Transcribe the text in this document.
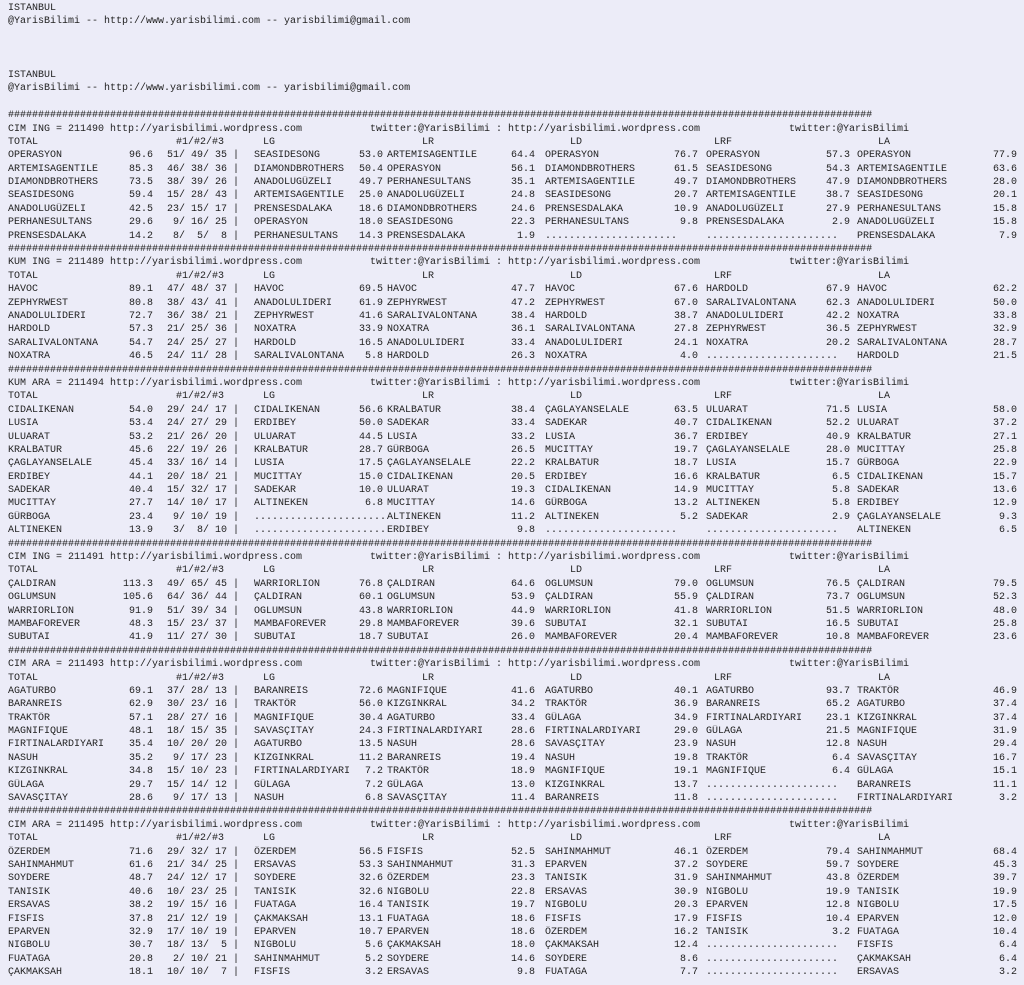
ISTANBUL
@YarisBilimi -- http://www.yarisbilimi.com -- yarisbilimi@gmail.com
ISTANBUL
@YarisBilimi -- http://www.yarisbilimi.com -- yarisbilimi@gmail.com
################################################################################################################################################
CIM ING = 211490 http://yarisbilimi.wordpress.com	twitter:@YarisBilimi : http://yarisbilimi.wordpress.com	twitter:@YarisBilimi
TOTAL	#1/#2/#3	LG	LR	LD	LRF	LA
OPERASYON	96.6 51/ 49/ 35 | SEASIDESONG	53.0 ARTEMISAGENTILE	64.4 OPERASYON	76.7 OPERASYON	57.3 OPERASYON	77.9
ARTEMISAGENTILE	85.3 46/ 38/ 36 | DIAMONDBROTHERS 50.4 OPERASYON	56.1 DIAMONDBROTHERS	61.5 SEASIDESONG	54.3 ARTEMISAGENTILE	63.6
DIAMONDBROTHERS	73.5 38/ 39/ 26 | ANADOLUGÜZELI	49.7 PERHANESULTANS	35.1 ARTEMISAGENTILE	49.7 DIAMONDBROTHERS	47.9 DIAMONDBROTHERS	28.0
SEASIDESONG	59.4 15/ 28/ 43 | ARTEMISAGENTILE 25.0 ANADOLUGÜZELI	24.8 SEASIDESONG	20.7 ARTEMISAGENTILE	38.7 SEASIDESONG	20.1
ANADOLUGÜZELI	42.5 23/ 15/ 17 | PRENSESDALAKA	18.6 DIAMONDBROTHERS	24.6 PRENSESDALAKA	10.9 ANADOLUGÜZELI	27.9 PERHANESULTANS	15.8
PERHANESULTANS	29.6 9/ 16/ 25 | OPERASYON	18.0 SEASIDESONG	22.3 PERHANESULTANS	9.8 PRENSESDALAKA	2.9 ANADOLUGÜZELI	15.8
PRENSESDALAKA	14.2 8/  5/  8 | PERHANESULTANS 14.3 PRENSESDALAKA	1.9 ......................	...................... PRENSESDALAKA	7.9
################################################################################################################################################
KUM ING = 211489 http://yarisbilimi.wordpress.com	twitter:@YarisBilimi : http://yarisbilimi.wordpress.com	twitter:@YarisBilimi
TOTAL	#1/#2/#3	LG	LR	LD	LRF	LA
HAVOC	89.1 47/ 48/ 37 | HAVOC	69.5 HAVOC	47.7 HAVOC	67.6 HARDOLD	67.9 HAVOC	62.2
ZEPHYRWEST	80.8 38/ 43/ 41 | ANADOLULIDERI	61.9 ZEPHYRWEST	47.2 ZEPHYRWEST	67.0 SARALIVALONTANA	62.3 ANADOLULIDERI	50.0
ANADOLULIDERI	72.7 36/ 38/ 21 | ZEPHYRWEST	41.6 SARALIVALONTANA	38.4 HARDOLD	38.7 ANADOLULIDERI	42.2 NOXATRA	33.8
HARDOLD	57.3 21/ 25/ 36 | NOXATRA	33.9 NOXATRA	36.1 SARALIVALONTANA	27.8 ZEPHYRWEST	36.5 ZEPHYRWEST	32.9
SARALIVALONTANA	54.7 24/ 25/ 27 | HARDOLD	16.5 ANADOLULIDERI	33.4 ANADOLULIDERI	24.1 NOXATRA	20.2 SARALIVALONTANA	28.7
NOXATRA	46.5 24/ 11/ 28 | SARALIVALONTANA 5.8 HARDOLD	26.3 NOXATRA	4.0 ...................... HARDOLD	21.5
################################################################################################################################################
KUM ARA = 211494 http://yarisbilimi.wordpress.com	twitter:@YarisBilimi : http://yarisbilimi.wordpress.com	twitter:@YarisBilimi
TOTAL	#1/#2/#3	LG	LR	LD	LRF	LA
CIDALIKENAN	54.0 29/ 24/ 17 | CIDALIKENAN	56.6 KRALBATUR	38.4 ÇAGLAYANSELALE	63.5 ULUARAT	71.5 LUSIA	58.0
LUSIA	53.4 24/ 27/ 29 | ERDIBEY	50.0 SADEKAR	33.4 SADEKAR	40.7 CIDALIKENAN	52.2 ULUARAT	37.2
ULUARAT	53.2 21/ 26/ 20 | ULUARAT	44.5 LUSIA	33.2 LUSIA	36.7 ERDIBEY	40.9 KRALBATUR	27.1
KRALBATUR	45.6 22/ 19/ 26 | KRALBATUR	28.7 GÜRBOGA	26.5 MUCITTAY	19.7 ÇAGLAYANSELALE	28.0 MUCITTAY	25.8
ÇAGLAYANSELALE	45.4 33/ 16/ 14 | LUSIA	17.5 ÇAGLAYANSELALE	22.2 KRALBATUR	18.7 LUSIA	15.7 GÜRBOGA	22.9
ERDIBEY	44.1 20/ 18/ 21 | MUCITTAY	15.0 CIDALIKENAN	20.5 ERDIBEY	16.6 KRALBATUR	6.5 CIDALIKENAN	15.7
SADEKAR	40.4 15/ 32/ 17 | SADEKAR	10.0 ULUARAT	19.3 CIDALIKENAN	14.9 MUCITTAY	5.8 SADEKAR	13.6
MUCITTAY	27.7 14/ 10/ 17 | ALTINEKEN	6.8 MUCITTAY	14.6 GÜRBOGA	13.2 ALTINEKEN	5.8 ERDIBEY	12.9
GÜRBOGA	23.4 9/ 10/ 19 | ...................... ALTINEKEN	11.2 ALTINEKEN	5.2 SADEKAR	2.9 ÇAGLAYANSELALE	9.3
ALTINEKEN	13.9 3/  8/ 10 | ...................... ERDIBEY	9.8 ......................	...................... ALTINEKEN	6.5
################################################################################################################################################
CIM ING = 211491 http://yarisbilimi.wordpress.com	twitter:@YarisBilimi : http://yarisbilimi.wordpress.com	twitter:@YarisBilimi
TOTAL	#1/#2/#3	LG	LR	LD	LRF	LA
ÇALDIRAN	113.3 49/ 65/ 45 | WARRIORLION	76.8 ÇALDIRAN	64.6 OGLUMSUN	79.0 OGLUMSUN	76.5 ÇALDIRAN	79.5
OGLUMSUN	105.6 64/ 36/ 44 | ÇALDIRAN	60.1 OGLUMSUN	53.9 ÇALDIRAN	55.9 ÇALDIRAN	73.7 OGLUMSUN	52.3
WARRIORLION	91.9 51/ 39/ 34 | OGLUMSUN	43.8 WARRIORLION	44.9 WARRIORLION	41.8 WARRIORLION	51.5 WARRIORLION	48.0
MAMBAFOREVER	48.3 15/ 23/ 37 | MAMBAFOREVER	29.8 MAMBAFOREVER	39.6 SUBUTAI	32.1 SUBUTAI	16.5 SUBUTAI	25.8
SUBUTAI	41.9 11/ 27/ 30 | SUBUTAI	18.7 SUBUTAI	26.0 MAMBAFOREVER	20.4 MAMBAFOREVER	10.8 MAMBAFOREVER	23.6
################################################################################################################################################
CIM ARA = 211493 http://yarisbilimi.wordpress.com	twitter:@YarisBilimi : http://yarisbilimi.wordpress.com	twitter:@YarisBilimi
TOTAL	#1/#2/#3	LG	LR	LD	LRF	LA
AGATURBO	69.1 37/ 28/ 13 | BARANREIS	72.6 MAGNIFIQUE	41.6 AGATURBO	40.1 AGATURBO	93.7 TRAKTÖR	46.9
BARANREIS	62.9 30/ 23/ 16 | TRAKTÖR	56.0 KIZGINKRAL	34.2 TRAKTÖR	36.9 BARANREIS	65.2 AGATURBO	37.4
TRAKTÖR	57.1 28/ 27/ 16 | MAGNIFIQUE	30.4 AGATURBO	33.4 GÜLAGA	34.9 FIRTINALARDIYARI 23.1 KIZGINKRAL	37.4
MAGNIFIQUE	48.1 18/ 15/ 35 | SAVASÇITAY	24.3 FIRTINALARDIYARI	28.6 FIRTINALARDIYARI	29.0 GÜLAGA	21.5 MAGNIFIQUE	31.9
FIRTINALARDIYARI 35.4 10/ 20/ 20 | AGATURBO	13.5 NASUH	28.6 SAVASÇITAY	23.9 NASUH	12.8 NASUH	29.4
NASUH	35.2 9/ 17/ 23 | KIZGINKRAL	11.2 BARANREIS	19.4 NASUH	19.8 TRAKTÖR	6.4 SAVASÇITAY	16.7
KIZGINKRAL	34.8 15/ 10/ 23 | FIRTINALARDIYARI 7.2 TRAKTÖR	18.9 MAGNIFIQUE	19.1 MAGNIFIQUE	6.4 GÜLAGA	15.1
GÜLAGA	29.7 15/ 14/ 12 | GÜLAGA	7.2 GÜLAGA	13.0 KIZGINKRAL	13.7 ...................... BARANREIS	11.1
SAVASÇITAY	28.6 9/ 17/ 13 | NASUH	6.8 SAVASÇITAY	11.4 BARANREIS	11.8 ...................... FIRTINALARDIYARI	3.2
################################################################################################################################################
CIM ARA = 211495 http://yarisbilimi.wordpress.com	twitter:@YarisBilimi : http://yarisbilimi.wordpress.com	twitter:@YarisBilimi
TOTAL	#1/#2/#3	LG	LR	LD	LRF	LA
ÖZERDEM	71.6 29/ 32/ 17 | ÖZERDEM	56.5 FISFIS	52.5 SAHINMAHMUT	46.1 ÖZERDEM	79.4 SAHINMAHMUT	68.4
SAHINMAHMUT	61.6 21/ 34/ 25 | ERSAVAS	53.3 SAHINMAHMUT	31.3 EPARVEN	37.2 SOYDERE	59.7 SOYDERE	45.3
SOYDERE	48.7 24/ 12/ 17 | SOYDERE	32.6 ÖZERDEM	23.3 TANISIK	31.9 SAHINMAHMUT	43.8 ÖZERDEM	39.7
TANISIK	40.6 10/ 23/ 25 | TANISIK	32.6 NIGBOLU	22.8 ERSAVAS	30.9 NIGBOLU	19.9 TANISIK	19.9
ERSAVAS	38.2 19/ 15/ 16 | FUATAGA	16.4 TANISIK	19.7 NIGBOLU	20.3 EPARVEN	12.8 NIGBOLU	17.5
FISFIS	37.8 21/ 12/ 19 | ÇAKMAKSAH	13.1 FUATAGA	18.6 FISFIS	17.9 FISFIS	10.4 EPARVEN	12.0
EPARVEN	32.9 17/ 10/ 19 | EPARVEN	10.7 EPARVEN	18.6 ÖZERDEM	16.2 TANISIK	3.2 FUATAGA	10.4
NIGBOLU	30.7 18/ 13/  5 | NIGBOLU	5.6 ÇAKMAKSAH	18.0 ÇAKMAKSAH	12.4 ...................... FISFIS	6.4
FUATAGA	20.8 2/ 10/ 21 | SAHINMAHMUT	5.2 SOYDERE	14.6 SOYDERE	8.6 ...................... ÇAKMAKSAH	6.4
ÇAKMAKSAH	18.1 10/ 10/  7 | FISFIS	3.2 ERSAVAS	9.8 FUATAGA	7.7 ...................... ERSAVAS	3.2
